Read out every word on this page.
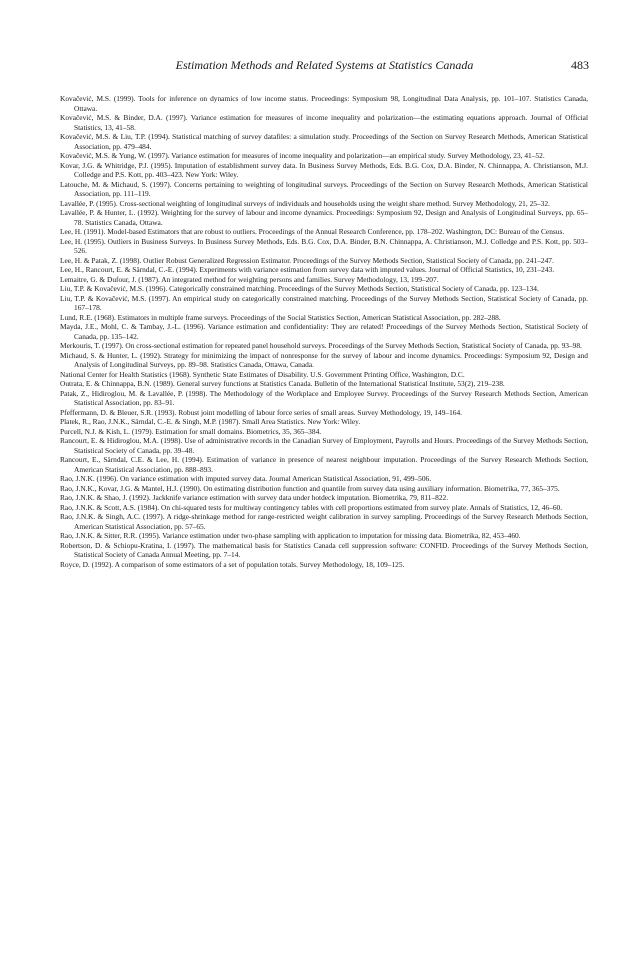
Estimation Methods and Related Systems at Statistics Canada	483

Kovačević, M.S. (1999). Tools for inference on dynamics of low income status. Proceedings: Symposium 98, Longitudinal Data Analysis, pp. 101–107. Statistics Canada, Ottawa.

Kovačević, M.S. & Binder, D.A. (1997). Variance estimation for measures of income inequality and polarization—the estimating equations approach. Journal of Official Statistics, 13, 41–58.

Kovačević, M.S. & Liu, T.P. (1994). Statistical matching of survey datafiles: a simulation study. Proceedings of the Section on Survey Research Methods, American Statistical Association, pp. 479–484.

Kovačević, M.S. & Yung, W. (1997). Variance estimation for measures of income inequality and polarization—an empirical study. Survey Methodology, 23, 41–52.

Kovar, J.G. & Whitridge, P.J. (1995). Imputation of establishment survey data. In Business Survey Methods, Eds. B.G. Cox, D.A. Binder, N. Chinnappa, A. Christianson, M.J. Colledge and P.S. Kott, pp. 403–423. New York: Wiley.

Latouche, M. & Michaud, S. (1997). Concerns pertaining to weighting of longitudinal surveys. Proceedings of the Section on Survey Research Methods, American Statistical Association, pp. 111–119.

Lavallée, P. (1995). Cross-sectional weighting of longitudinal surveys of individuals and households using the weight share method. Survey Methodology, 21, 25–32.

Lavallée, P. & Hunter, L. (1992). Weighting for the survey of labour and income dynamics. Proceedings: Symposium 92, Design and Analysis of Longitudinal Surveys, pp. 65–78. Statistics Canada, Ottawa.

Lee, H. (1991). Model-based Estimators that are robust to outliers. Proceedings of the Annual Research Conference, pp. 178–202. Washington, DC: Bureau of the Census.

Lee, H. (1995). Outliers in Business Surveys. In Business Survey Methods, Eds. B.G. Cox, D.A. Binder, B.N. Chinnappa, A. Christianson, M.J. Colledge and P.S. Kott, pp. 503–526.

Lee, H. & Patak, Z. (1998). Outlier Robust Generalized Regression Estimator. Proceedings of the Survey Methods Section, Statistical Society of Canada, pp. 241–247.

Lee, H., Rancourt, E. & Särndal, C.-E. (1994). Experiments with variance estimation from survey data with imputed values. Journal of Official Statistics, 10, 231–243.

Lemaitre, G. & Dufour, J. (1987). An integrated method for weighting persons and families. Survey Methodology, 13, 199–207.

Liu, T.P. & Kovačević, M.S. (1996). Categorically constrained matching. Proceedings of the Survey Methods Section, Statistical Society of Canada, pp. 123–134.

Liu, T.P. & Kovačević, M.S. (1997). An empirical study on categorically constrained matching. Proceedings of the Survey Methods Section, Statistical Society of Canada, pp. 167–178.

Lund, R.E. (1968). Estimators in multiple frame surveys. Proceedings of the Social Statistics Section, American Statistical Association, pp. 282–288.

Mayda, J.E., Mohl, C. & Tambay, J.-L. (1996). Variance estimation and confidentiality: They are related! Proceedings of the Survey Methods Section, Statistical Society of Canada, pp. 135–142.

Merkouris, T. (1997). On cross-sectional estimation for repeated panel household surveys. Proceedings of the Survey Methods Section, Statistical Society of Canada, pp. 93–98.

Michaud, S. & Hunter, L. (1992). Strategy for minimizing the impact of nonresponse for the survey of labour and income dynamics. Proceedings: Symposium 92, Design and Analysis of Longitudinal Surveys, pp. 89–98. Statistics Canada, Ottawa, Canada.

National Center for Health Statistics (1968). Synthetic State Estimates of Disability. U.S. Government Printing Office, Washington, D.C.

Outrata, E. & Chinnappa, B.N. (1989). General survey functions at Statistics Canada. Bulletin of the International Statistical Institute, 53(2), 219–238.

Patak, Z., Hidiroglou, M. & Lavallée, P. (1998). The Methodology of the Workplace and Employee Survey. Proceedings of the Survey Research Methods Section, American Statistical Association, pp. 83–91.

Pfeffermann, D. & Bleuer, S.R. (1993). Robust joint modelling of labour force series of small areas. Survey Methodology, 19, 149–164.

Platek, R., Rao, J.N.K., Särndal, C.-E. & Singh, M.P. (1987). Small Area Statistics. New York: Wiley.

Purcell, N.J. & Kish, L. (1979). Estimation for small domains. Biometrics, 35, 365–384.

Rancourt, E. & Hidiroglou, M.A. (1998). Use of administrative records in the Canadian Survey of Employment, Payrolls and Hours. Proceedings of the Survey Methods Section, Statistical Society of Canada, pp. 39–48.

Rancourt, E., Särndal, C.E. & Lee, H. (1994). Estimation of variance in presence of nearest neighbour imputation. Proceedings of the Survey Research Methods Section, American Statistical Association, pp. 888–893.

Rao, J.N.K. (1996). On variance estimation with imputed survey data. Journal American Statistical Association, 91, 499–506.

Rao, J.N.K., Kovar, J.G. & Mantel, H.J. (1990). On estimating distribution function and quantile from survey data using auxiliary information. Biometrika, 77, 365–375.

Rao, J.N.K. & Shao, J. (1992). Jackknife variance estimation with survey data under hotdeck imputation. Biometrika, 79, 811–822.

Rao, J.N.K. & Scott, A.S. (1984). On chi-squared tests for multiway contingency tables with cell proportions estimated from survey plate. Annals of Statistics, 12, 46–60.

Rao, J.N.K. & Singh, A.C. (1997). A ridge-shrinkage method for range-restricted weight calibration in survey sampling. Proceedings of the Survey Research Methods Section, American Statistical Association, pp. 57–65.

Rao, J.N.K. & Sitter, R.R. (1995). Variance estimation under two-phase sampling with application to imputation for missing data. Biometrika, 82, 453–460.

Robertson, D. & Schiopu-Kratina, I. (1997). The mathematical basis for Statistics Canada cell suppression software: CONFID. Proceedings of the Survey Methods Section, Statistical Society of Canada Annual Meeting, pp. 7–14.

Royce, D. (1992). A comparison of some estimators of a set of population totals. Survey Methodology, 18, 109–125.
